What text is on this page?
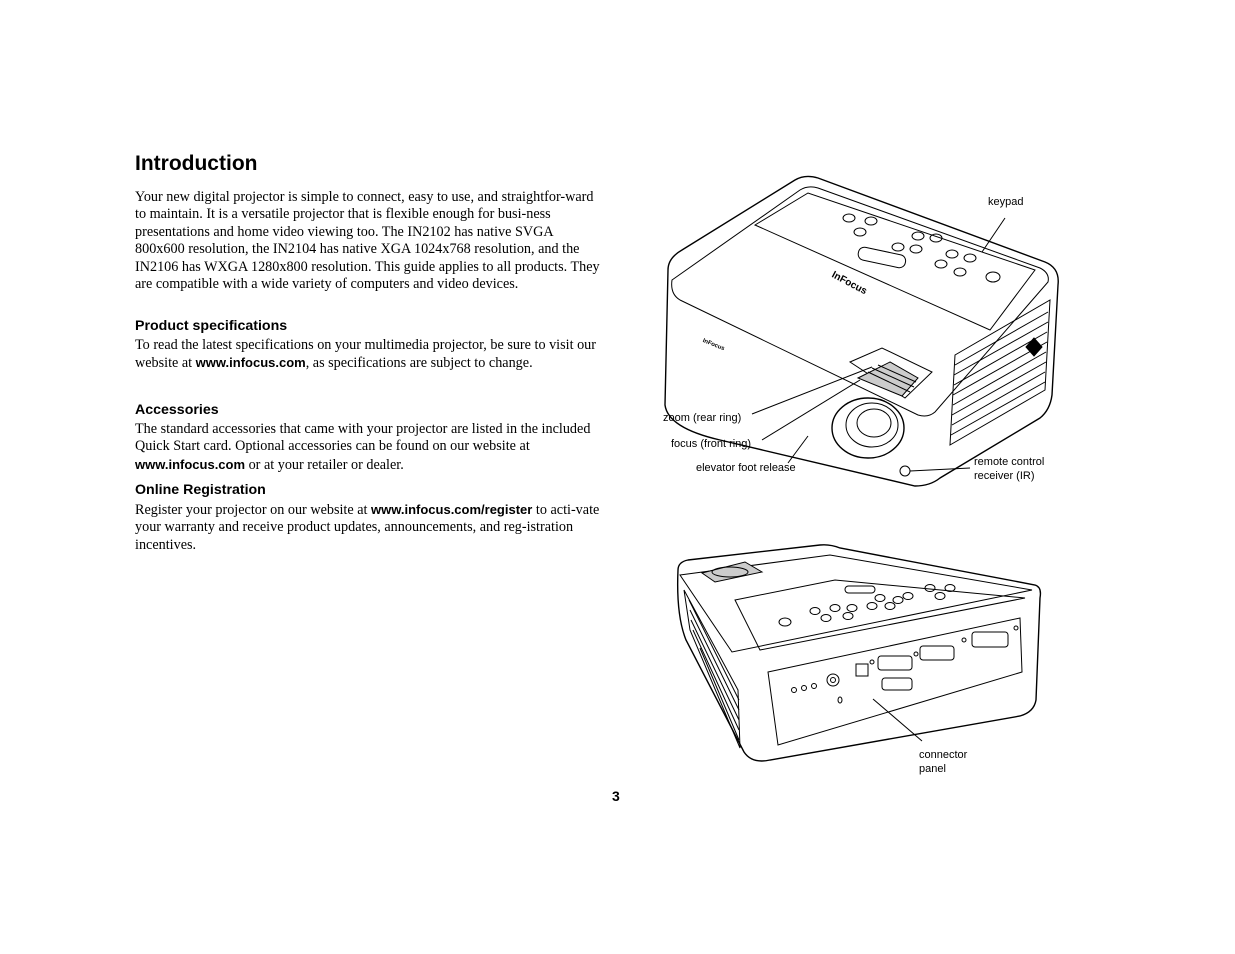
Introduction

Your new digital projector is simple to connect, easy to use, and straightfor-ward to maintain. It is a versatile projector that is flexible enough for busi-ness presentations and home video viewing too. The IN2102 has native SVGA 800x600 resolution, the IN2104 has native XGA 1024x768 resolution, and the IN2106 has WXGA 1280x800 resolution. This guide applies to all products. They are compatible with a wide variety of computers and video devices.

Product specifications

To read the latest specifications on your multimedia projector, be sure to visit our website at www.infocus.com, as specifications are subject to change.

Accessories

The standard accessories that came with your projector are listed in the included Quick Start card. Optional accessories can be found on our website at www.infocus.com or at your retailer or dealer.

Online Registration

Register your projector on our website at www.infocus.com/register to acti-vate your warranty and receive product updates, announcements, and reg-istration incentives.

InFocus
InFocus
keypad
zoom (rear ring)
focus (front ring)
elevator foot release	remote control
receiver (IR)
connector
panel
3
